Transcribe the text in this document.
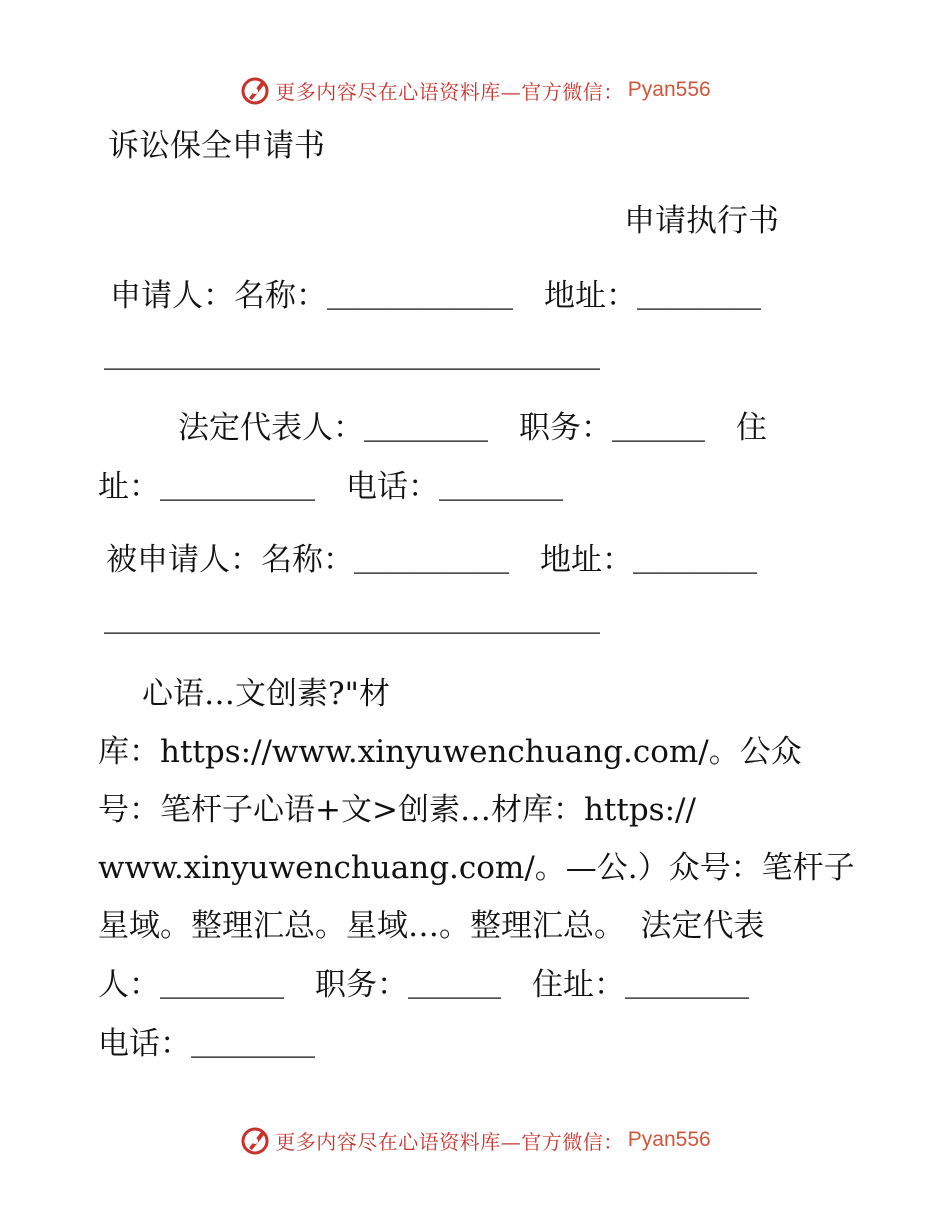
更多内容尽在心语资料库—官方微信： Pyan556
诉讼保全申请书
申请执行书
申请人：名称：＿＿＿＿＿＿　地址：＿＿＿＿
＿＿＿＿＿＿＿＿＿＿＿＿＿＿＿＿
法定代表人：＿＿＿＿　职务：＿＿＿　住
址：＿＿＿＿＿　电话：＿＿＿＿
被申请人：名称：＿＿＿＿＿　地址：＿＿＿＿
＿＿＿＿＿＿＿＿＿＿＿＿＿＿＿＿
心语…文创素?"材
库：https://www.xinyuwenchuang.com/。公众
号：笔杆子心语+文>创素…材库：https://
www.xinyuwenchuang.com/。—公.）众号：笔杆子
星域。整理汇总。星域…。整理汇总。　法定代表
人：＿＿＿＿　职务：＿＿＿　住址：＿＿＿＿
电话：＿＿＿＿
更多内容尽在心语资料库—官方微信： Pyan556
